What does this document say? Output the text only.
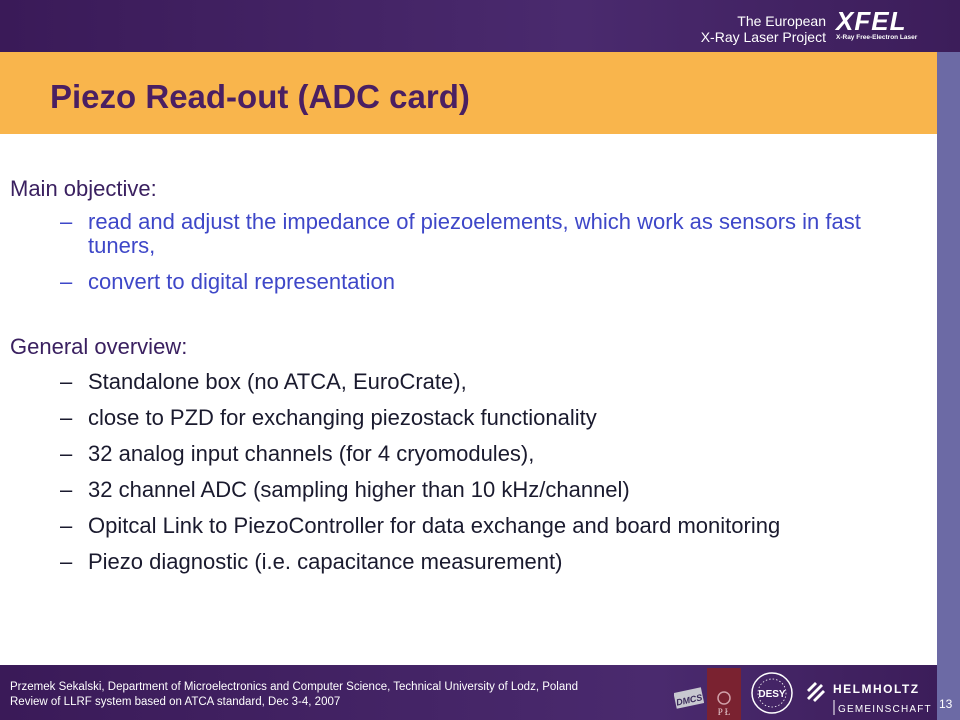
The European
X-Ray Laser Project
XFEL
X-Ray Free-Electron Laser
Piezo Read-out (ADC card)
Main objective:
– read and adjust the impedance of piezoelements, which work as sensors in fast tuners,
– convert to digital representation
General overview:
– Standalone box (no ATCA, EuroCrate),
– close to PZD for exchanging piezostack functionality
– 32 analog input channels (for 4 cryomodules),
– 32 channel ADC (sampling higher than 10 kHz/channel)
– Opitcal Link to PiezoController for data exchange and board monitoring
– Piezo diagnostic (i.e. capacitance measurement)
Przemek Sekalski, Department of Microelectronics and Computer Science, Technical University of Lodz, Poland
Review of LLRF system based on ATCA standard, Dec 3-4, 2007	DMCS
P Ł
DESY	HELMHOLTZ
GEMEINSCHAFT 13
